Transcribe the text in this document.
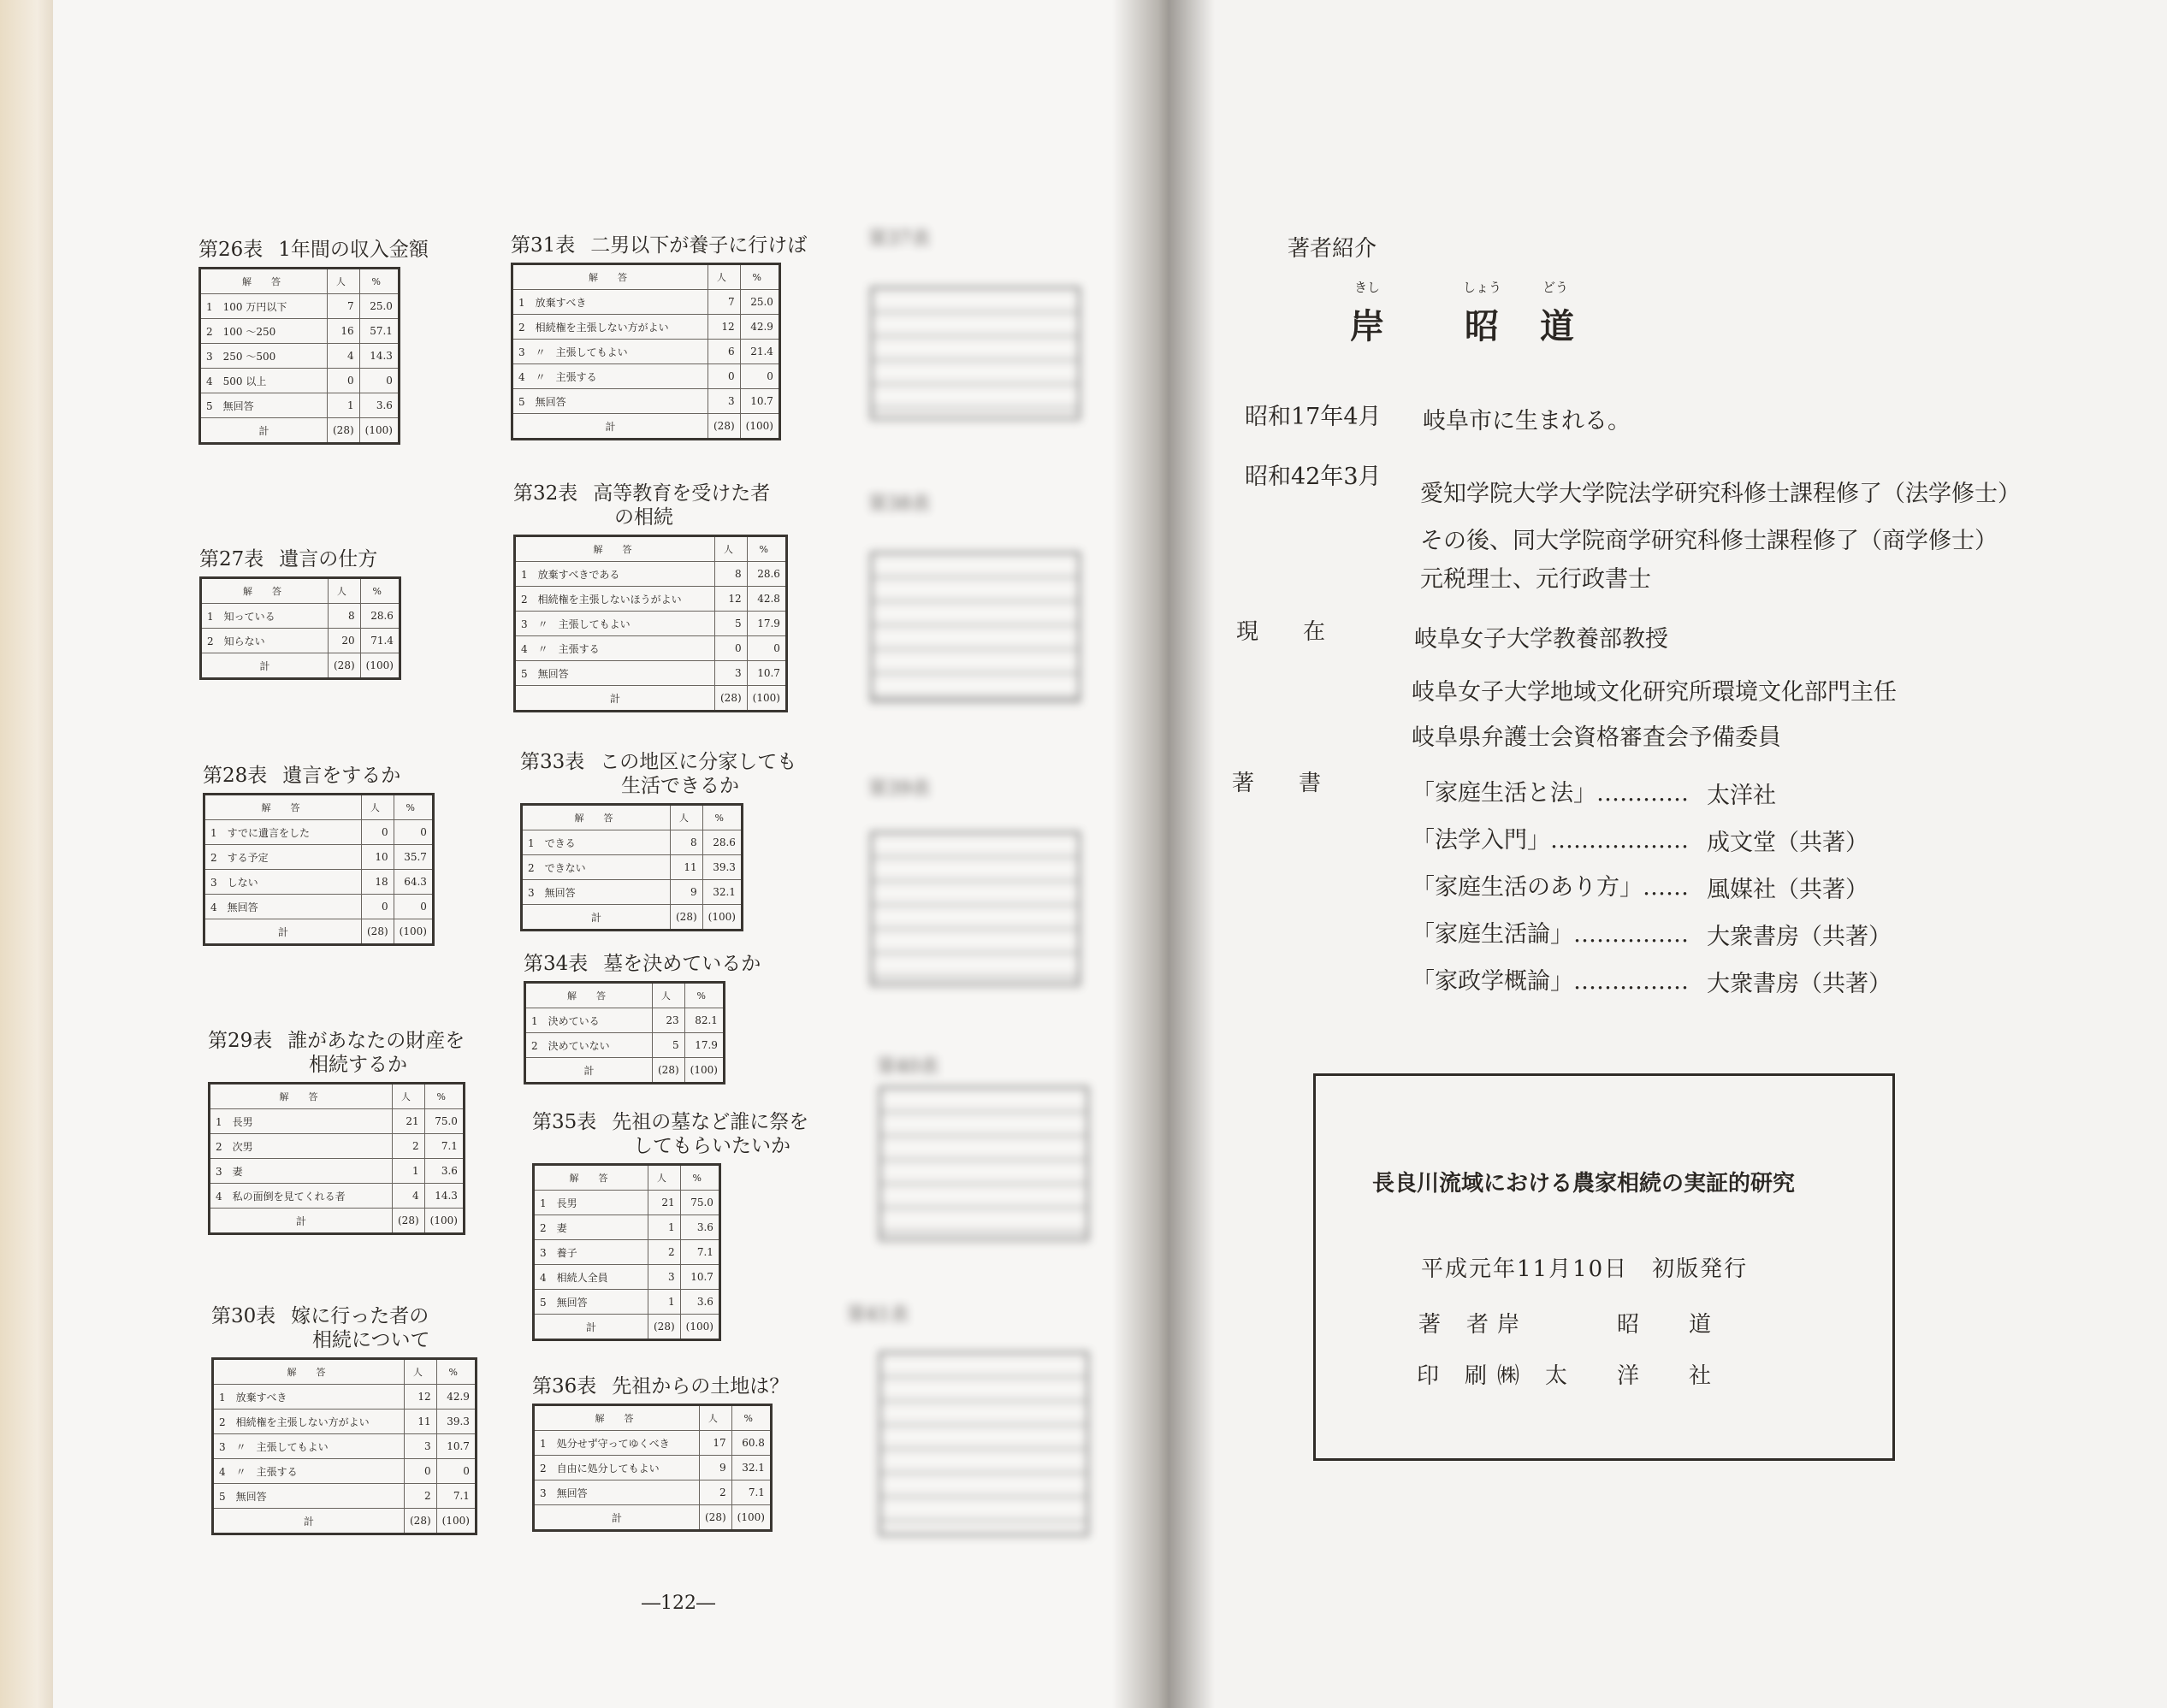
第26表 1年間の収入金額
解　答	人	%
1　100 万円以下	7	25.0
2　100 ～250	16	57.1
3　250 ～500	4	14.3
4　500 以上	0	0
5　無回答	1	3.6
計	(28)	(100)
第27表 遺言の仕方
解　答	人	%
1　知っている	8	28.6
2　知らない	20	71.4
計	(28)	(100)
第28表 遺言をするか
解　答	人	%
1　すでに遺言をした	0	0
2　する予定	10	35.7
3　しない	18	64.3
4　無回答	0	0
計	(28)	(100)
第29表 誰があなたの財産を
相続するか
解　答	人	%
1　長男	21	75.0
2　次男	2	7.1
3　妻	1	3.6
4　私の面倒を見てくれる者	4	14.3
計	(28)	(100)
第30表 嫁に行った者の
相続について
解　答	人	%
1　放棄すべき	12	42.9
2　相続権を主張しない方がよい	11	39.3
3　〃　主張してもよい	3	10.7
4　〃　主張する	0	0
5　無回答	2	7.1
計	(28)	(100)
第31表 二男以下が養子に行けば
解　答	人	%
1　放棄すべき	7	25.0
2　相続権を主張しない方がよい	12	42.9
3　〃　主張してもよい	6	21.4
4　〃　主張する	0	0
5　無回答	3	10.7
計	(28)	(100)
第32表 高等教育を受けた者
の相続
解　答	人	%
1　放棄すべきである	8	28.6
2　相続権を主張しないほうがよい	12	42.8
3　〃　主張してもよい	5	17.9
4　〃　主張する	0	0
5　無回答	3	10.7
計	(28)	(100)
第33表 この地区に分家しても
生活できるか
解　答	人	%
1　できる	8	28.6
2　できない	11	39.3
3　無回答	9	32.1
計	(28)	(100)
第34表 墓を決めているか
解　答	人	%
1　決めている	23	82.1
2　決めていない	5	17.9
計	(28)	(100)
第35表 先祖の墓など誰に祭を
してもらいたいか
解　答	人	%
1　長男	21	75.0
2　妻	1	3.6
3　養子	2	7.1
4　相続人全員	3	10.7
5　無回答	1	3.6
計	(28)	(100)
第36表 先祖からの土地は？
解　答	人	%
1　処分せず守ってゆくべき	17	60.8
2　自由に処分してもよい	9	32.1
3　無回答	2	7.1
計	(28)	(100)
第37表
第38表
第39表
第40表
第41表
―122―
著者紹介
きし	しょう	どう
岸 昭 道
昭和17年4月 岐阜市に生まれる。
昭和42年3月
愛知学院大学大学院法学研究科修士課程修了（法学修士）
その後、同大学院商学研究科修士課程修了（商学修士）
元税理士、元行政書士
現　　在	岐阜女子大学教養部教授
岐阜女子大学地域文化研究所環境文化部門主任
岐阜県弁護士会資格審査会予備委員
著　　書	「家庭生活と法」………… 太洋社
「法学入門」……………… 成文堂（共著）
「家庭生活のあり方」…… 風媒社（共著）
「家庭生活論」…………… 大衆書房（共著）
「家政学概論」…………… 大衆書房（共著）
長良川流域における農家相続の実証的研究
平成元年11月10日　初版発行
著　者 岸　　　　昭　　道
印　刷 ㈱　太　　洋　　社
